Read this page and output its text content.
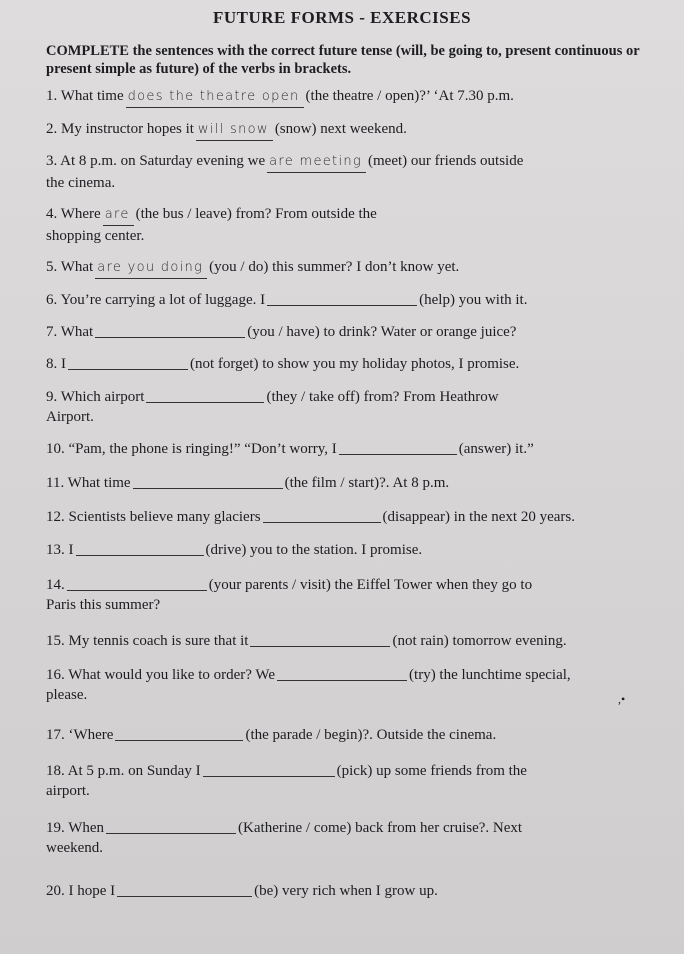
FUTURE FORMS - EXERCISES
COMPLETE the sentences with the correct future tense (will, be going to, present continuous or present simple as future) of the verbs in brackets.
1. What time does the theatre open (the theatre / open)?’ ‘At 7.30 p.m.
2. My instructor hopes it will snow (snow) next weekend.
3. At 8 p.m. on Saturday evening we are meeting (meet) our friends outside
the cinema.
4. Where are (the bus / leave) from? From outside the
shopping center.
5. What are you doing (you / do) this summer? I don’t know yet.
6. You’re carrying a lot of luggage. I	(help) you with it.
7. What	(you / have) to drink? Water or orange juice?
8. I	(not forget) to show you my holiday photos, I promise.
9. Which airport	(they / take off) from? From Heathrow
Airport.
10. “Pam, the phone is ringing!” “Don’t worry, I	(answer) it.”
11. What time	(the film / start)?. At 8 p.m.
12. Scientists believe many glaciers	(disappear) in the next 20 years.
13. I	(drive) you to the station. I promise.
14.	(your parents / visit) the Eiffel Tower when they go to
Paris this summer?
15. My tennis coach is sure that it	(not rain) tomorrow evening.
16. What would you like to order? We	(try) the lunchtime special,
please.
17. ‘Where	(the parade / begin)?. Outside the cinema.
18. At 5 p.m. on Sunday I	(pick) up some friends from the
airport.
19. When	(Katherine / come) back from her cruise?. Next
weekend.
20. I hope I	(be) very rich when I grow up.
,•
